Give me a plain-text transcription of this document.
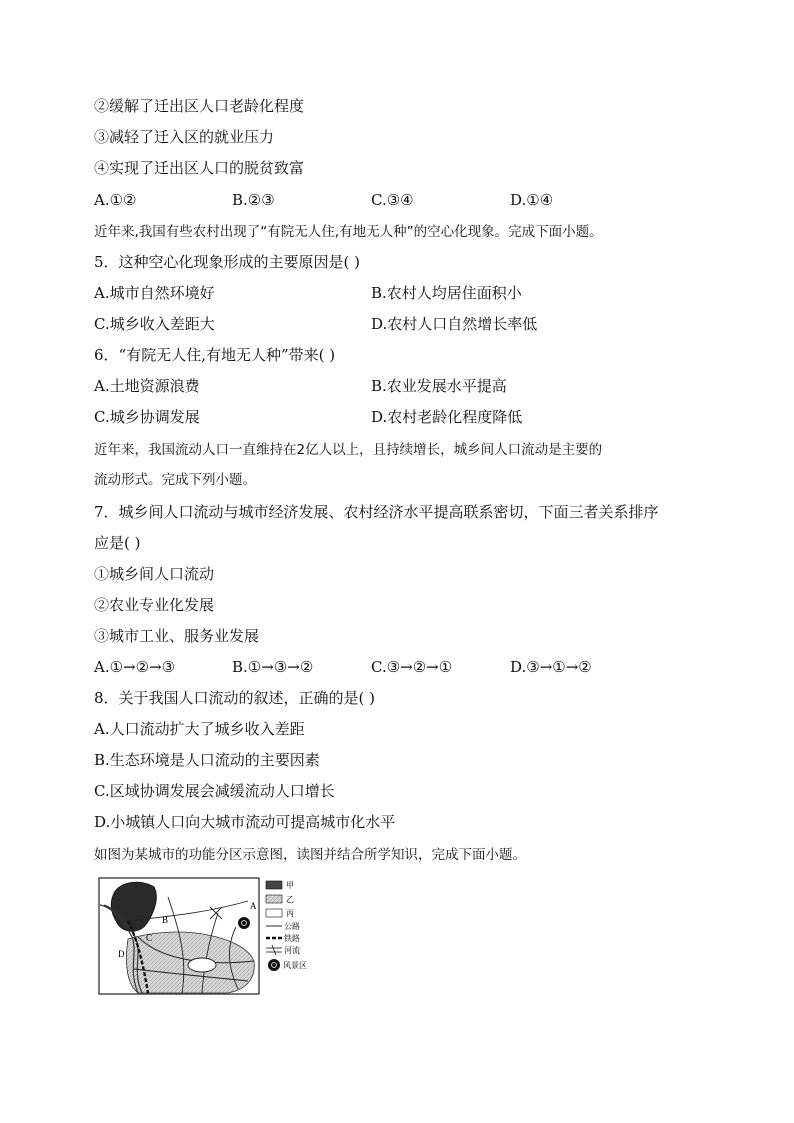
②缓解了迁出区人口老龄化程度
③减轻了迁入区的就业压力
④实现了迁出区人口的脱贫致富
A.①②	B.②③	C.③④	D.①④
近年来,我国有些农村出现了“有院无人住,有地无人种”的空心化现象。完成下面小题。
5．这种空心化现象形成的主要原因是( )
A.城市自然环境好	B.农村人均居住面积小
C.城乡收入差距大	D.农村人口自然增长率低
6．“有院无人住,有地无人种”带来( )
A.土地资源浪费	B.农业发展水平提高
C.城乡协调发展	D.农村老龄化程度降低
近年来，我国流动人口一直维持在2亿人以上，且持续增长，城乡间人口流动是主要的
流动形式。完成下列小题。
7．城乡间人口流动与城市经济发展、农村经济水平提高联系密切，下面三者关系排序
应是( )
①城乡间人口流动
②农业专业化发展
③城市工业、服务业发展
A.①→②→③	B.①→③→②	C.③→②→①	D.③→①→②
8．关于我国人口流动的叙述，正确的是( )
A.人口流动扩大了城乡收入差距
B.生态环境是人口流动的主要因素
C.区域协调发展会减缓流动人口增长
D.小城镇人口向大城市流动可提高城市化水平
如图为某城市的功能分区示意图，读图并结合所学知识，完成下面小题。
B
A
C
D
甲
乙
丙
公路
铁路
河流
风景区
